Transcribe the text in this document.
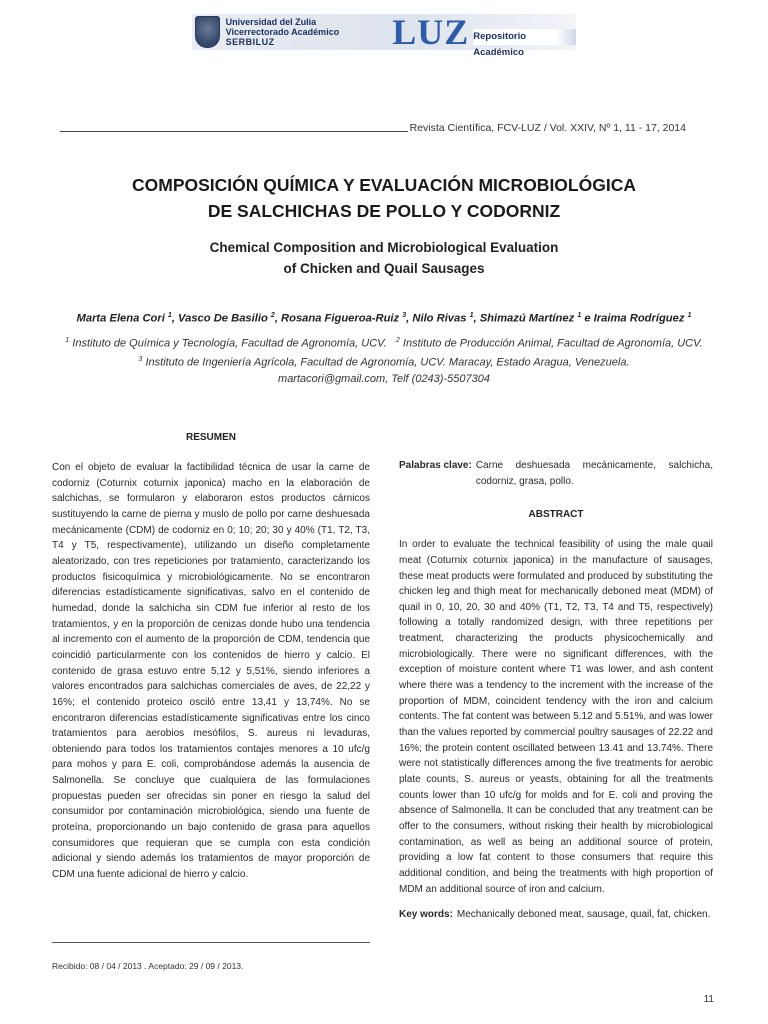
Universidad del Zulia
Vicerrectorado Académico
SERBILUZ	LUZ Repositorio Académico
Revista Científica, FCV-LUZ / Vol. XXIV, Nº 1, 11 - 17, 2014
COMPOSICIÓN QUÍMICA Y EVALUACIÓN MICROBIOLÓGICA
DE SALCHICHAS DE POLLO Y CODORNIZ
Chemical Composition and Microbiological Evaluation
of Chicken and Quail Sausages
Marta Elena Cori $^1$, Vasco De Basilio $^2$, Rosana Figueroa-Ruiz $^3$, Nilo Rivas $^1$, Shimazú Martínez $^1$ e Iraima Rodríguez $^1$
$^1$ Instituto de Química y Tecnología, Facultad de Agronomía, UCV. $^2$ Instituto de Producción Animal, Facultad de Agronomía, UCV.
$^3$ Instituto de Ingeniería Agrícola, Facultad de Agronomía, UCV. Maracay, Estado Aragua, Venezuela.
martacori@gmail.com, Telf (0243)-5507304
RESUMEN
Con el objeto de evaluar la factibilidad técnica de usar la carne de codorniz (Coturnix coturnix japonica) macho en la elaboración de salchichas, se formularon y elaboraron estos productos cárnicos sustituyendo la carne de pierna y muslo de pollo por carne deshuesada mecánicamente (CDM) de codorniz en 0; 10; 20; 30 y 40% (T1, T2, T3, T4 y T5, respectivamente), utilizando un diseño completamente aleatorizado, con tres repeticiones por tratamiento, caracterizando los productos fisicoquímica y microbiológicamente. No se encontraron diferencias estadísticamente significativas, salvo en el contenido de humedad, donde la salchicha sin CDM fue inferior al resto de los tratamientos, y en la proporción de cenizas donde hubo una tendencia al incremento con el aumento de la proporción de CDM, tendencia que coincidió particularmente con los contenidos de hierro y calcio. El contenido de grasa estuvo entre 5,12 y 5,51%, siendo inferiores a valores encontrados para salchichas comerciales de aves, de 22,22 y 16%; el contenido proteico osciló entre 13,41 y 13,74%. No se encontraron diferencias estadísticamente significativas entre los cinco tratamientos para aerobios mesófilos, S. aureus ni levaduras, obteniendo para todos los tratamientos contajes menores a 10 ufc/g para mohos y para E. coli, comprobándose además la ausencia de Salmonella. Se concluye que cualquiera de las formulaciones propuestas pueden ser ofrecidas sin poner en riesgo la salud del consumidor por contaminación microbiológica, siendo una fuente de proteína, proporcionando un bajo contenido de grasa para aquellos consumidores que requieran que se cumpla con esta condición adicional y siendo además los tratamientos de mayor proporción de CDM una fuente adicional de hierro y calcio.
Recibido: 08 / 04 / 2013 . Aceptado: 29 / 09 / 2013.
Palabras clave: Carne deshuesada mecánicamente, salchicha, codorniz, grasa, pollo.
ABSTRACT
In order to evaluate the technical feasibility of using the male quail meat (Coturnix coturnix japonica) in the manufacture of sausages, these meat products were formulated and produced by substituting the chicken leg and thigh meat for mechanically deboned meat (MDM) of quail in 0, 10, 20, 30 and 40% (T1, T2, T3, T4 and T5, respectively) following a totally randomized design, with three repetitions per treatment, characterizing the products physicochemically and microbiologically. There were no significant differences, with the exception of moisture content where T1 was lower, and ash content where there was a tendency to the increment with the increase of the proportion of MDM, coincident tendency with the iron and calcium contents. The fat content was between 5.12 and 5.51%, and was lower than the values reported by commercial poultry sausages of 22.22 and 16%; the protein content oscillated between 13.41 and 13.74%. There were not statistically differences among the five treatments for aerobic plate counts, S. aureus or yeasts, obtaining for all the treatments counts lower than 10 ufc/g for molds and for E. coli and proving the absence of Salmonella. It can be concluded that any treatment can be offer to the consumers, without risking their health by microbiological contamination, as well as being an additional source of protein, providing a low fat content to those consumers that require this additional condition, and being the treatments with high proportion of MDM an additional source of iron and calcium.
Key words: Mechanically deboned meat, sausage, quail, fat, chicken.
11
